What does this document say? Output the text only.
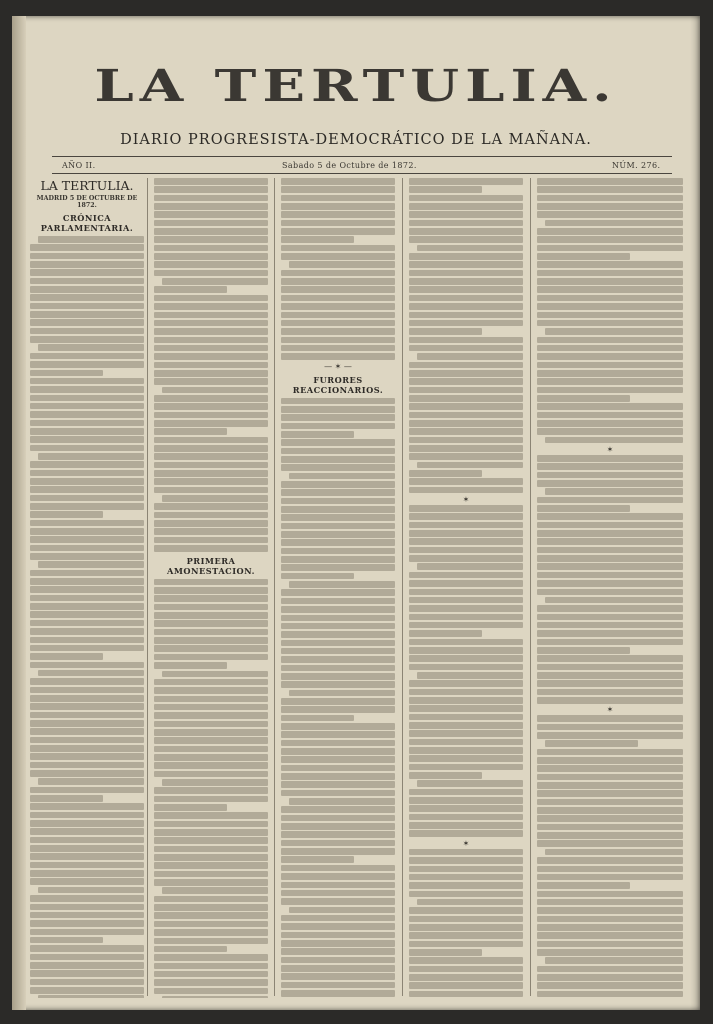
LA TERTULIA.
DIARIO PROGRESISTA-DEMOCRÁTICO DE LA MAÑANA.
AÑO II.	Sabado 5 de Octubre de 1872.	NÚM. 276.
LA TERTULIA.
MADRID 5 DE OCTUBRE DE 1872.
CRÓNICA PARLAMENTARIA.
PRIMERA AMONESTACION.
— ✶ —
FURORES REACCIONARIOS.
✶
✶
✶
✶
